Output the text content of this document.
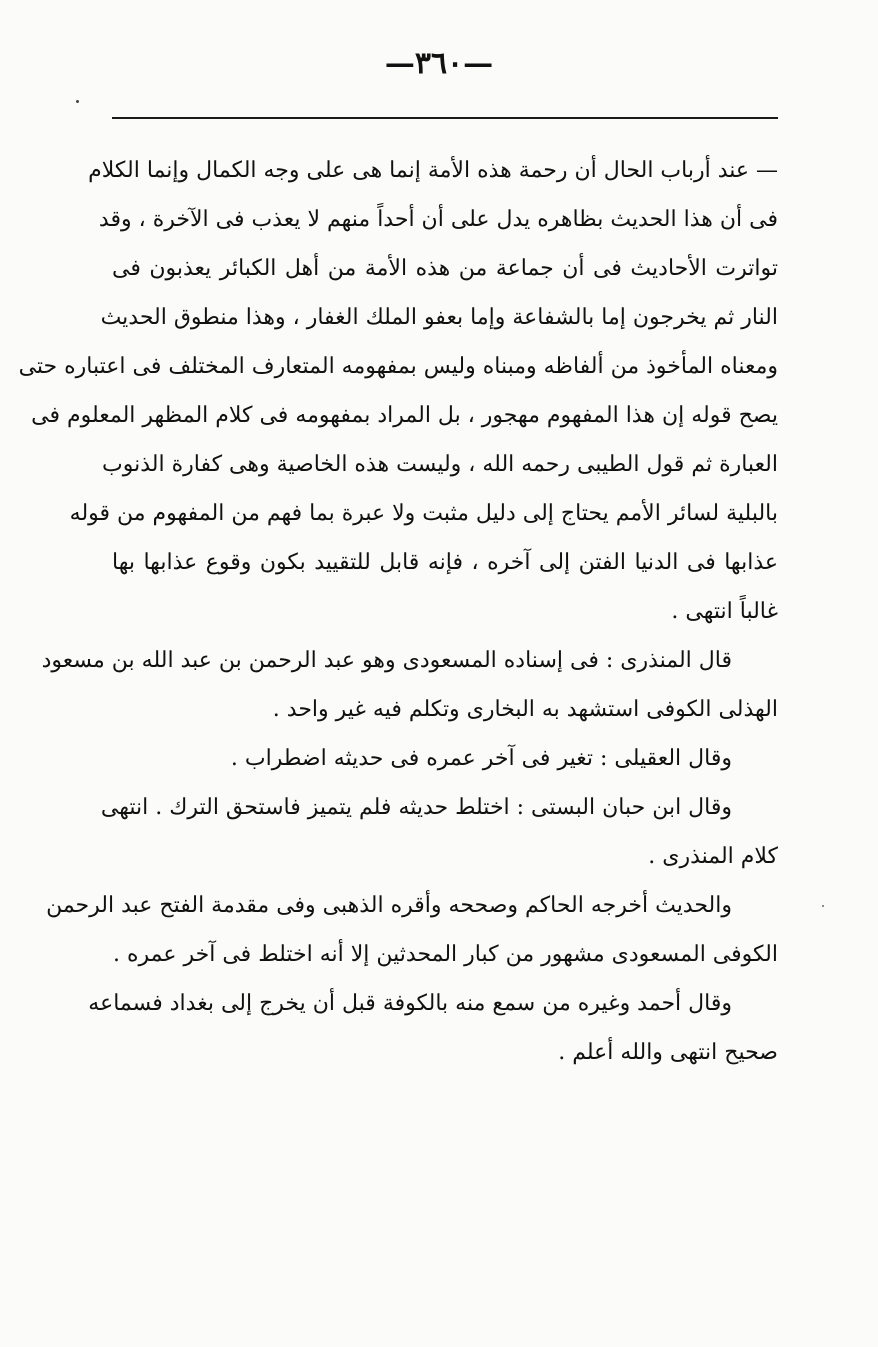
—٣٦٠—

— عند أرباب الحال أن رحمة هذه الأمة إنما هى على وجه الكمال وإنما الكلام
فى أن هذا الحديث بظاهره يدل على أن أحداً منهم لا يعذب فى الآخرة ، وقد
تواترت الأحاديث فى أن جماعة من هذه الأمة من أهل الكبائر يعذبون فى
النار ثم يخرجون إما بالشفاعة وإما بعفو الملك الغفار ، وهذا منطوق الحديث
ومعناه المأخوذ من ألفاظه ومبناه وليس بمفهومه المتعارف المختلف فى اعتباره حتى
يصح قوله إن هذا المفهوم مهجور ، بل المراد بمفهومه فى كلام المظهر المعلوم فى
العبارة ثم قول الطيبى رحمه الله ، وليست هذه الخاصية وهى كفارة الذنوب
بالبلية لسائر الأمم يحتاج إلى دليل مثبت ولا عبرة بما فهم من المفهوم من قوله
عذابها فى الدنيا الفتن إلى آخره ، فإنه قابل للتقييد بكون وقوع عذابها بها
غالباً انتهى .

قال المنذرى : فى إسناده المسعودى وهو عبد الرحمن بن عبد الله بن مسعود
الهذلى الكوفى استشهد به البخارى وتكلم فيه غير واحد .

وقال العقيلى : تغير فى آخر عمره فى حديثه اضطراب .

وقال ابن حبان البستى : اختلط حديثه فلم يتميز فاستحق الترك . انتهى
كلام المنذرى .

والحديث أخرجه الحاكم وصححه وأقره الذهبى وفى مقدمة الفتح عبد الرحمن
الكوفى المسعودى مشهور من كبار المحدثين إلا أنه اختلط فى آخر عمره .

وقال أحمد وغيره من سمع منه بالكوفة قبل أن يخرج إلى بغداد فسماعه
صحيح انتهى والله أعلم .
